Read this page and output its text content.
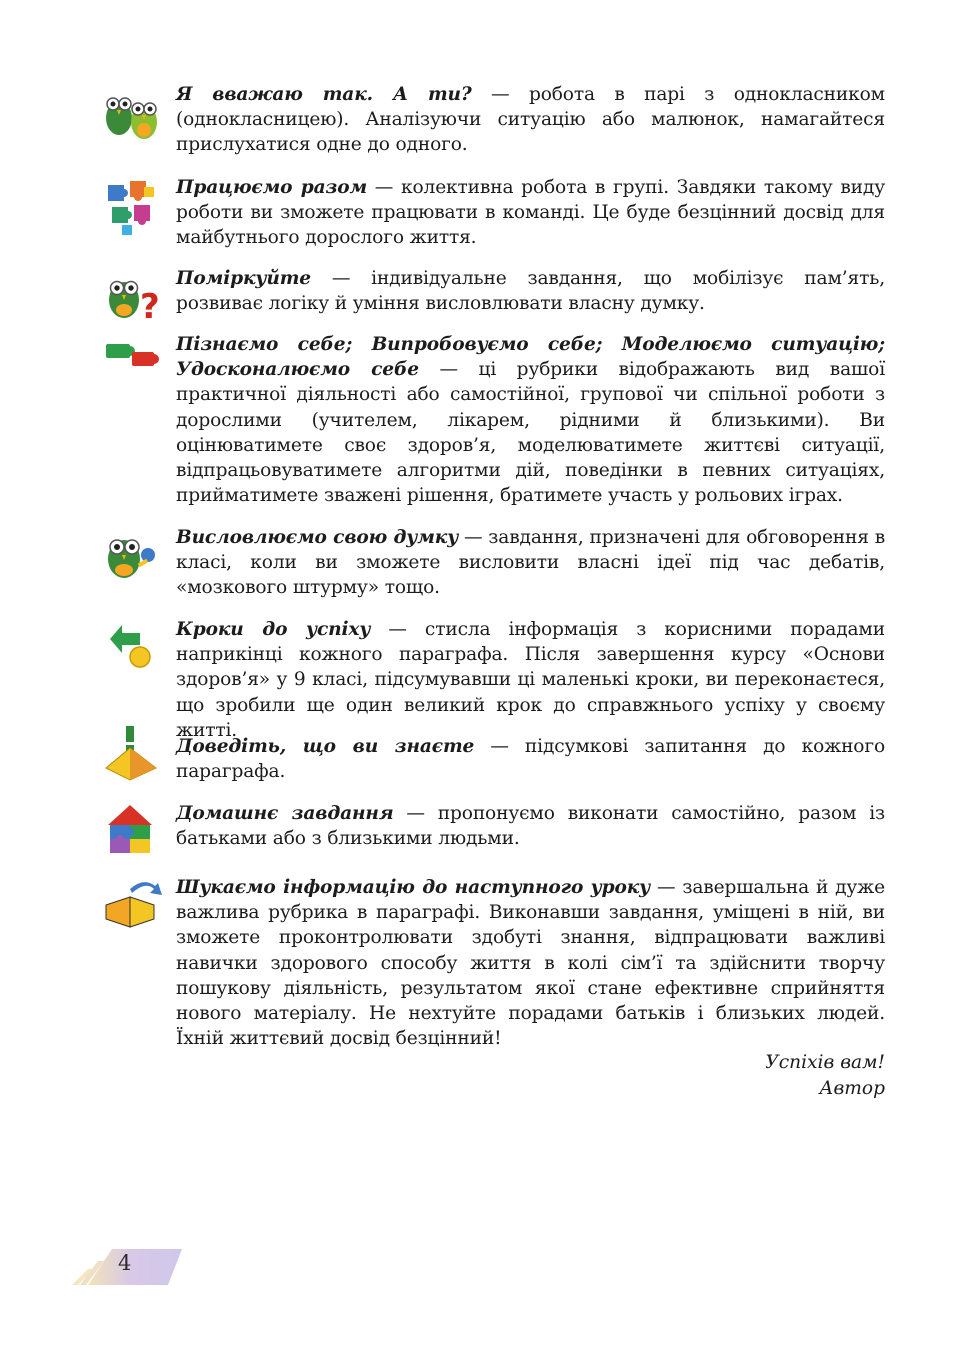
Я вважаю так. А ти? — робота в парі з однокласником (однокласницею). Аналізуючи ситуацію або малюнок, намагайтеся прислухатися одне до одного.
Працюємо разом — колективна робота в групі. Завдяки такому виду роботи ви зможете працювати в команді. Це буде безцінний досвід для майбутнього дорослого життя.
?
Поміркуйте — індивідуальне завдання, що мобілізує пам’ять, розвиває логіку й уміння висловлювати власну думку.
Пізнаємо себе; Випробовуємо себе; Моделюємо ситуацію; Удосконалюємо себе — ці рубрики відображають вид вашої практичної діяльності або самостійної, групової чи спільної роботи з дорослими (учителем, лікарем, рідними й близькими). Ви оцінюватимете своє здоров’я, моделюватимете життєві ситуації, відпрацьовуватимете алгоритми дій, поведінки в певних ситуаціях, прийматимете зважені рішення, братимете участь у рольових іграх.
Висловлюємо свою думку — завдання, призначені для обговорення в класі, коли ви зможете висловити власні ідеї під час дебатів, «мозкового штурму» тощо.
Кроки до успіху — стисла інформація з корисними порадами наприкінці кожного параграфа. Після завершення курсу «Основи здоров’я» у 9 класі, підсумувавши ці маленькі кроки, ви переконаєтеся, що зробили ще один великий крок до справжнього успіху у своєму житті.
Доведіть, що ви знаєте — підсумкові запитання до кожного параграфа.
Домашнє завдання — пропонуємо виконати самостійно, разом із батьками або з близькими людьми.
Шукаємо інформацію до наступного уроку — завершальна й дуже важлива рубрика в параграфі. Виконавши завдання, уміщені в ній, ви зможете проконтролювати здобуті знання, відпрацювати важливі навички здорового способу життя в колі сім’ї та здійснити творчу пошукову діяльність, результатом якої стане ефективне сприйняття нового матеріалу. Не нехтуйте порадами батьків і близьких людей. Їхній життєвий досвід безцінний!
Успіхів вам!
Автор
4
